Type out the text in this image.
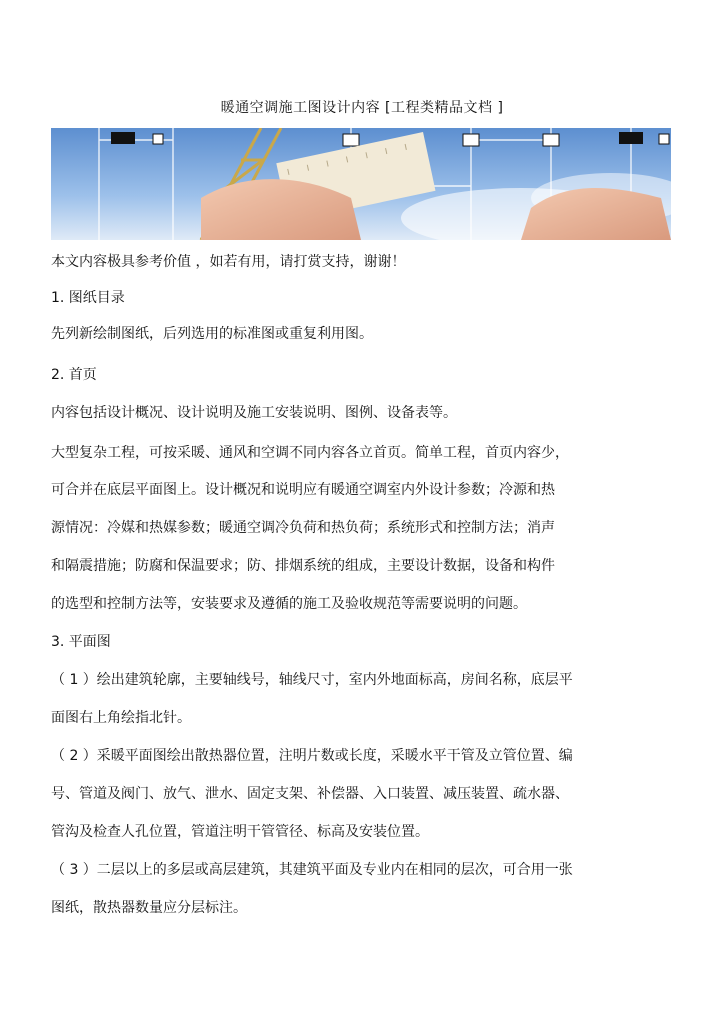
暖通空调施工图设计内容 [工程类精品文档 ]
本文内容极具参考价值 ，如若有用，请打赏支持，谢谢！
1. 图纸目录
先列新绘制图纸，后列选用的标准图或重复利用图。
2. 首页
内容包括设计概况、设计说明及施工安装说明、图例、设备表等。
大型复杂工程，可按采暖、通风和空调不同内容各立首页。简单工程，首页内容少，
可合并在底层平面图上。设计概况和说明应有暖通空调室内外设计参数；冷源和热
源情况：冷媒和热媒参数；暖通空调冷负荷和热负荷；系统形式和控制方法；消声
和隔震措施；防腐和保温要求；防、排烟系统的组成，主要设计数据，设备和构件
的选型和控制方法等，安装要求及遵循的施工及验收规范等需要说明的问题。
3. 平面图
（ 1 ）绘出建筑轮廓，主要轴线号，轴线尺寸，室内外地面标高，房间名称，底层平
面图右上角绘指北针。
（ 2 ）采暖平面图绘出散热器位置，注明片数或长度，采暖水平干管及立管位置、编
号、管道及阀门、放气、泄水、固定支架、补偿器、入口装置、减压装置、疏水器、
管沟及检查人孔位置，管道注明干管管径、标高及安装位置。
（ 3 ）二层以上的多层或高层建筑，其建筑平面及专业内在相同的层次，可合用一张
图纸，散热器数量应分层标注。
